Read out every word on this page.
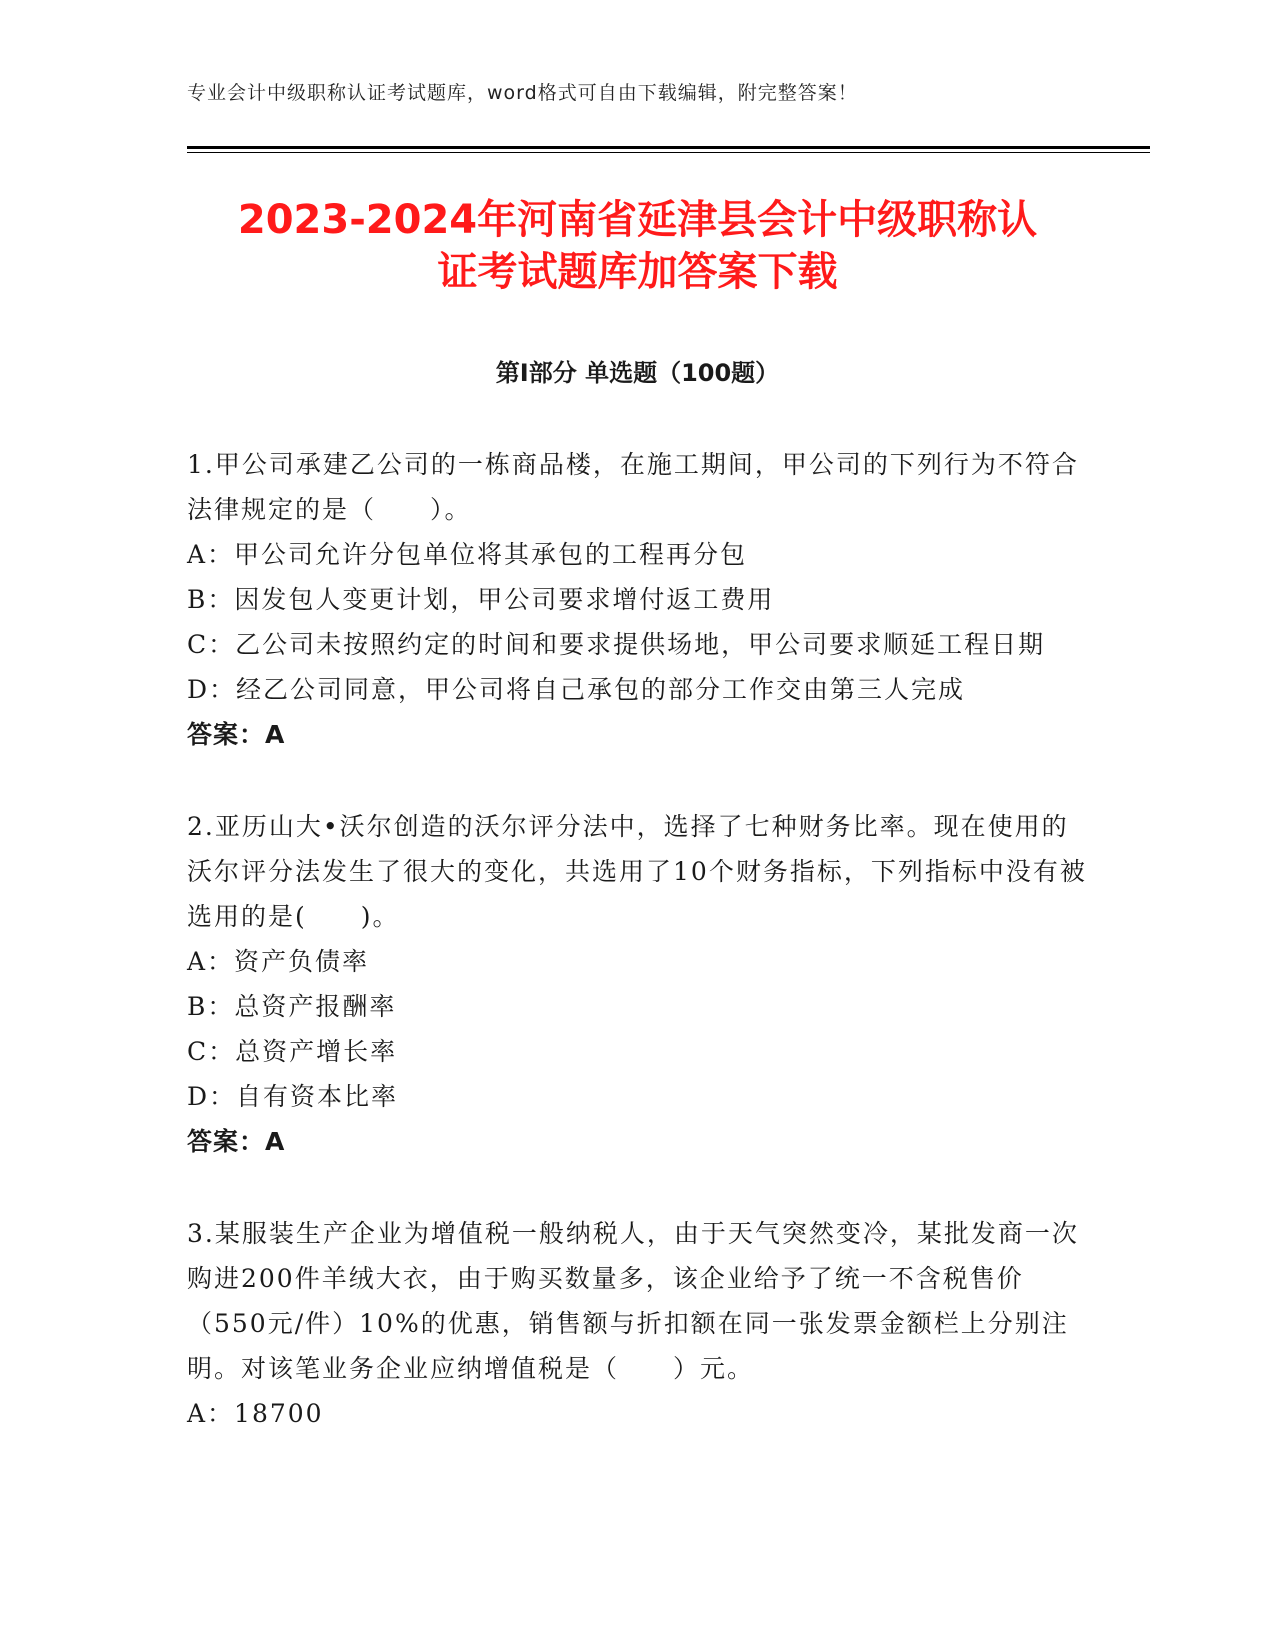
专业会计中级职称认证考试题库，word格式可自由下载编辑，附完整答案！
2023-2024年河南省延津县会计中级职称认
证考试题库加答案下载
第I部分 单选题（100题）
1.甲公司承建乙公司的一栋商品楼，在施工期间，甲公司的下列行为不符合法律规定的是（　　）。
A：甲公司允许分包单位将其承包的工程再分包
B：因发包人变更计划，甲公司要求增付返工费用
C：乙公司未按照约定的时间和要求提供场地，甲公司要求顺延工程日期
D：经乙公司同意，甲公司将自己承包的部分工作交由第三人完成
答案：A
2.亚历山大•沃尔创造的沃尔评分法中，选择了七种财务比率。现在使用的沃尔评分法发生了很大的变化，共选用了10个财务指标，下列指标中没有被选用的是(　　)。
A：资产负债率
B：总资产报酬率
C：总资产增长率
D：自有资本比率
答案：A
3.某服装生产企业为增值税一般纳税人，由于天气突然变冷，某批发商一次购进200件羊绒大衣，由于购买数量多，该企业给予了统一不含税售价（550元/件）10%的优惠，销售额与折扣额在同一张发票金额栏上分别注明。对该笔业务企业应纳增值税是（　　）元。
A：18700
